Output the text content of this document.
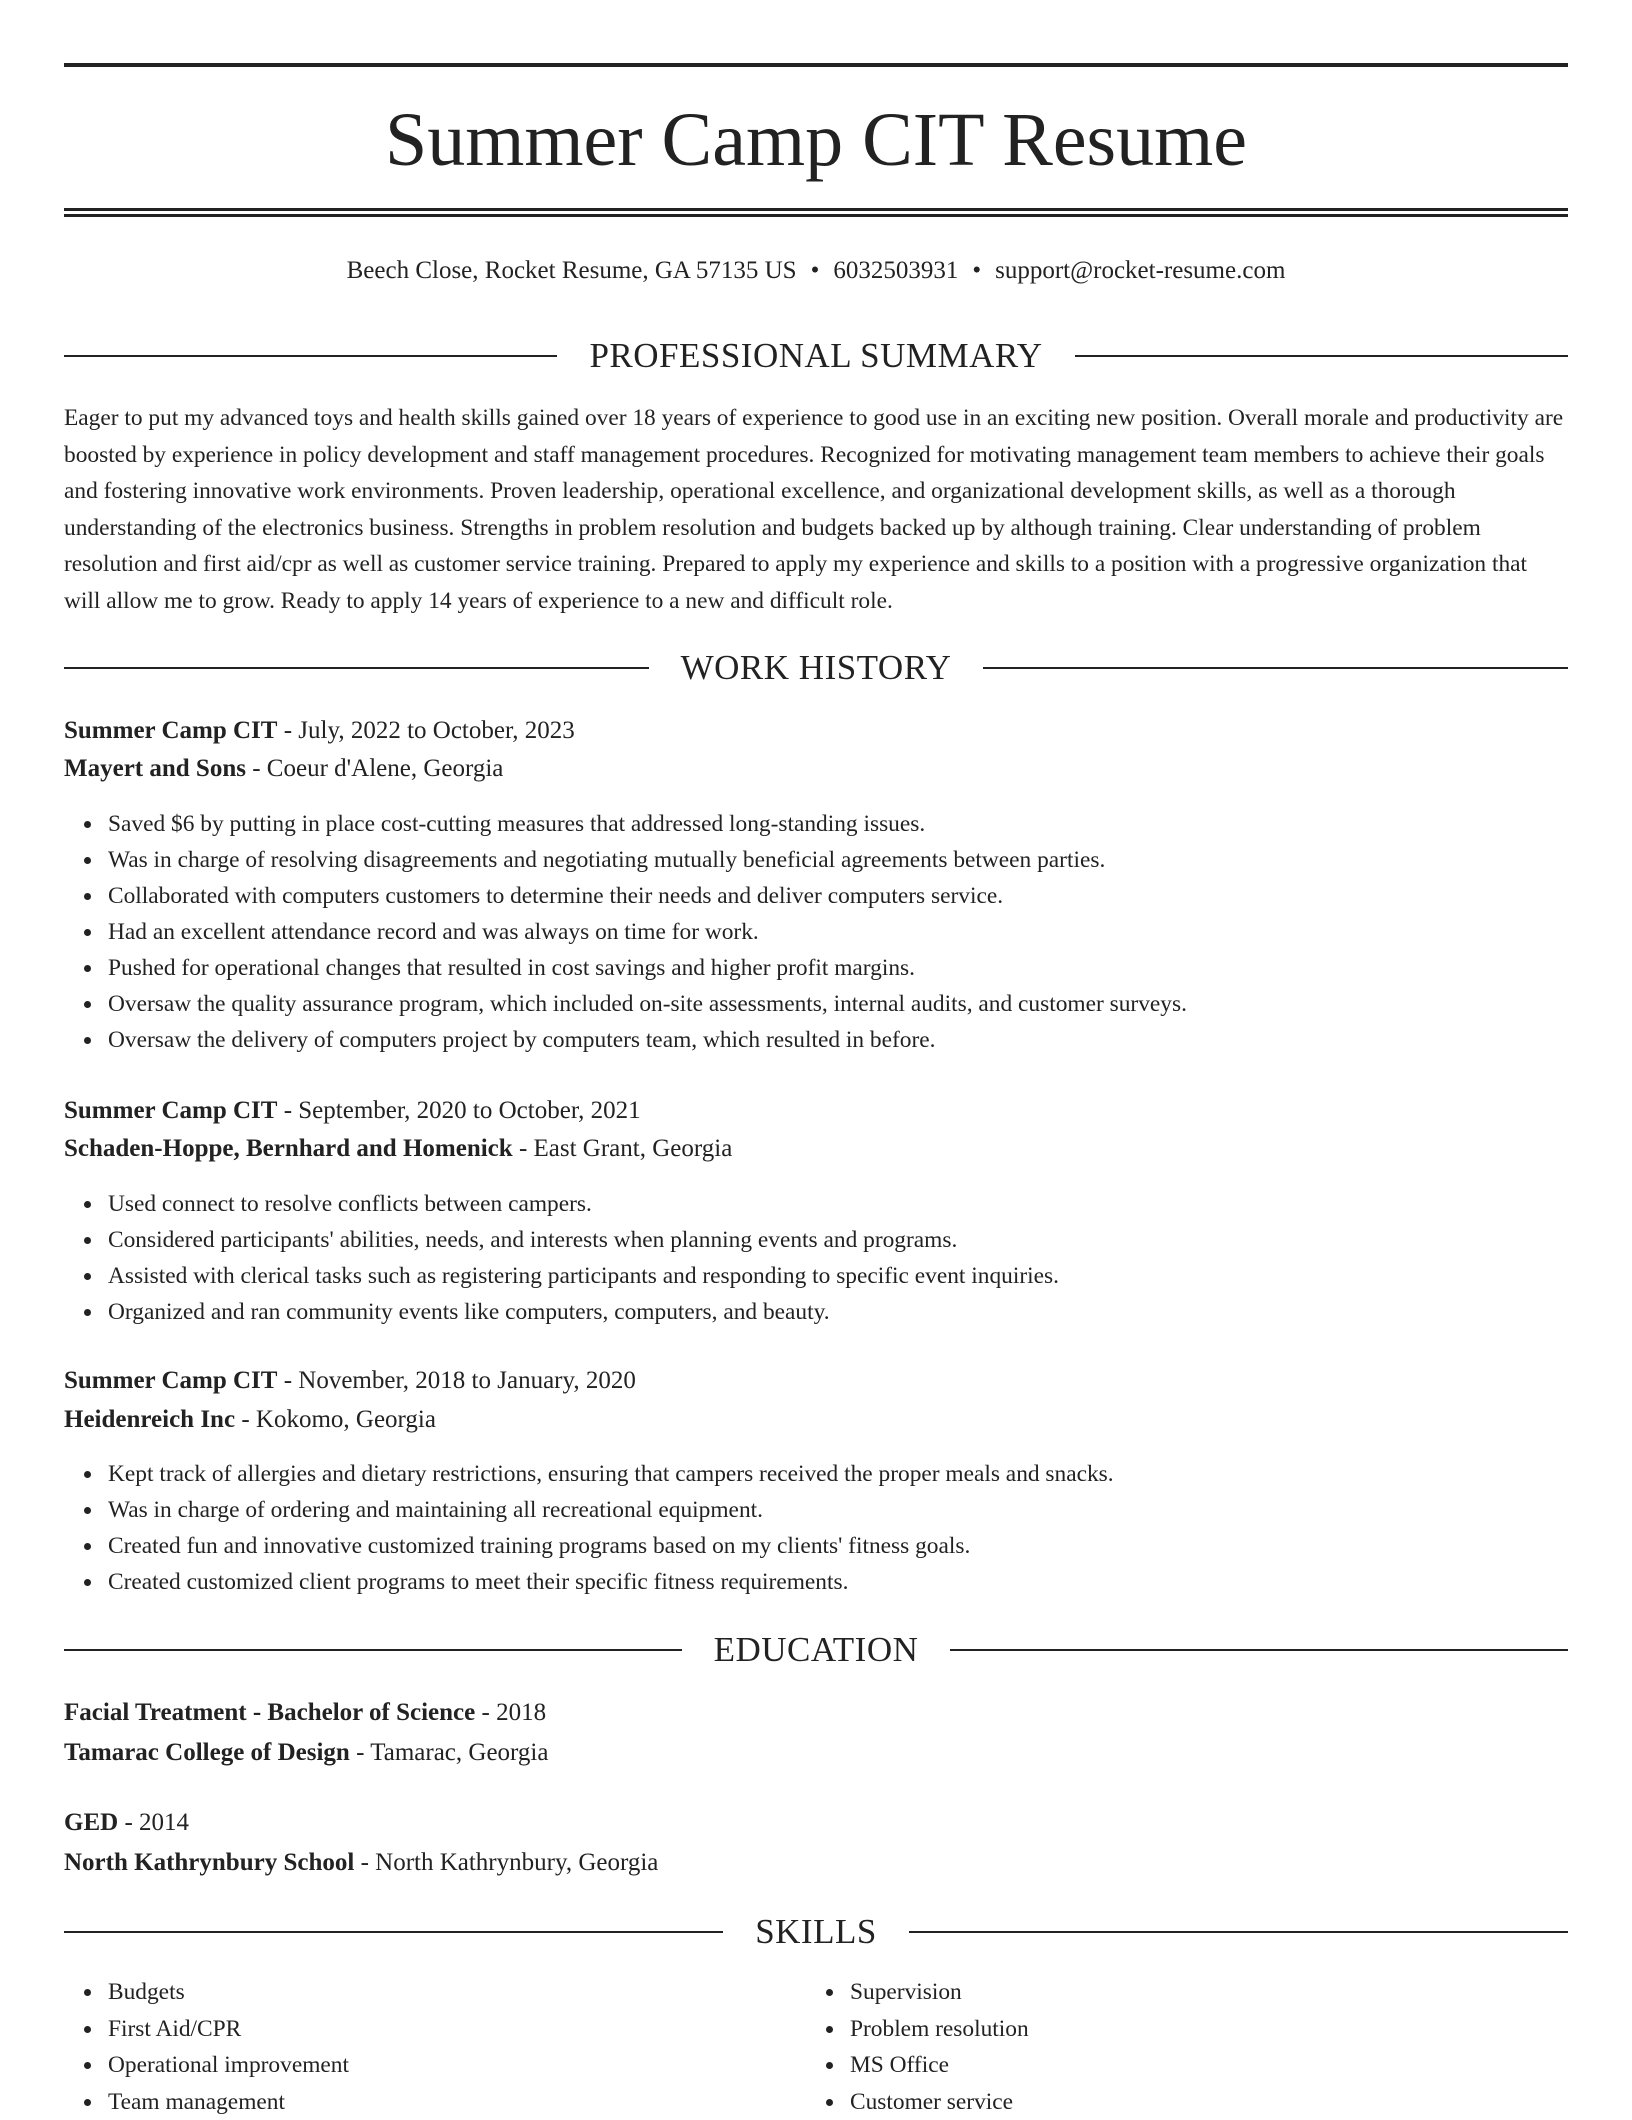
Summer Camp CIT Resume
Beech Close, Rocket Resume, GA 57135 US • 6032503931 • support@rocket-resume.com
PROFESSIONAL SUMMARY

Eager to put my advanced toys and health skills gained over 18 years of experience to good use in an exciting new position. Overall morale and productivity are boosted by experience in policy development and staff management procedures. Recognized for motivating management team members to achieve their goals and fostering innovative work environments. Proven leadership, operational excellence, and organizational development skills, as well as a thorough understanding of the electronics business. Strengths in problem resolution and budgets backed up by although training. Clear understanding of problem resolution and first aid/cpr as well as customer service training. Prepared to apply my experience and skills to a position with a progressive organization that will allow me to grow. Ready to apply 14 years of experience to a new and difficult role.

WORK HISTORY
Summer Camp CIT - July, 2022 to October, 2023
Mayert and Sons - Coeur d'Alene, Georgia
Saved $6 by putting in place cost-cutting measures that addressed long-standing issues.
Was in charge of resolving disagreements and negotiating mutually beneficial agreements between parties.
Collaborated with computers customers to determine their needs and deliver computers service.
Had an excellent attendance record and was always on time for work.
Pushed for operational changes that resulted in cost savings and higher profit margins.
Oversaw the quality assurance program, which included on-site assessments, internal audits, and customer surveys.
Oversaw the delivery of computers project by computers team, which resulted in before.
Summer Camp CIT - September, 2020 to October, 2021
Schaden-Hoppe, Bernhard and Homenick - East Grant, Georgia
Used connect to resolve conflicts between campers.
Considered participants' abilities, needs, and interests when planning events and programs.
Assisted with clerical tasks such as registering participants and responding to specific event inquiries.
Organized and ran community events like computers, computers, and beauty.
Summer Camp CIT - November, 2018 to January, 2020
Heidenreich Inc - Kokomo, Georgia
Kept track of allergies and dietary restrictions, ensuring that campers received the proper meals and snacks.
Was in charge of ordering and maintaining all recreational equipment.
Created fun and innovative customized training programs based on my clients' fitness goals.
Created customized client programs to meet their specific fitness requirements.
EDUCATION
Facial Treatment - Bachelor of Science - 2018
Tamarac College of Design - Tamarac, Georgia
GED - 2014
North Kathrynbury School - North Kathrynbury, Georgia
SKILLS
Budgets
First Aid/CPR
Operational improvement
Team management
Supervision
Problem resolution
MS Office
Customer service
